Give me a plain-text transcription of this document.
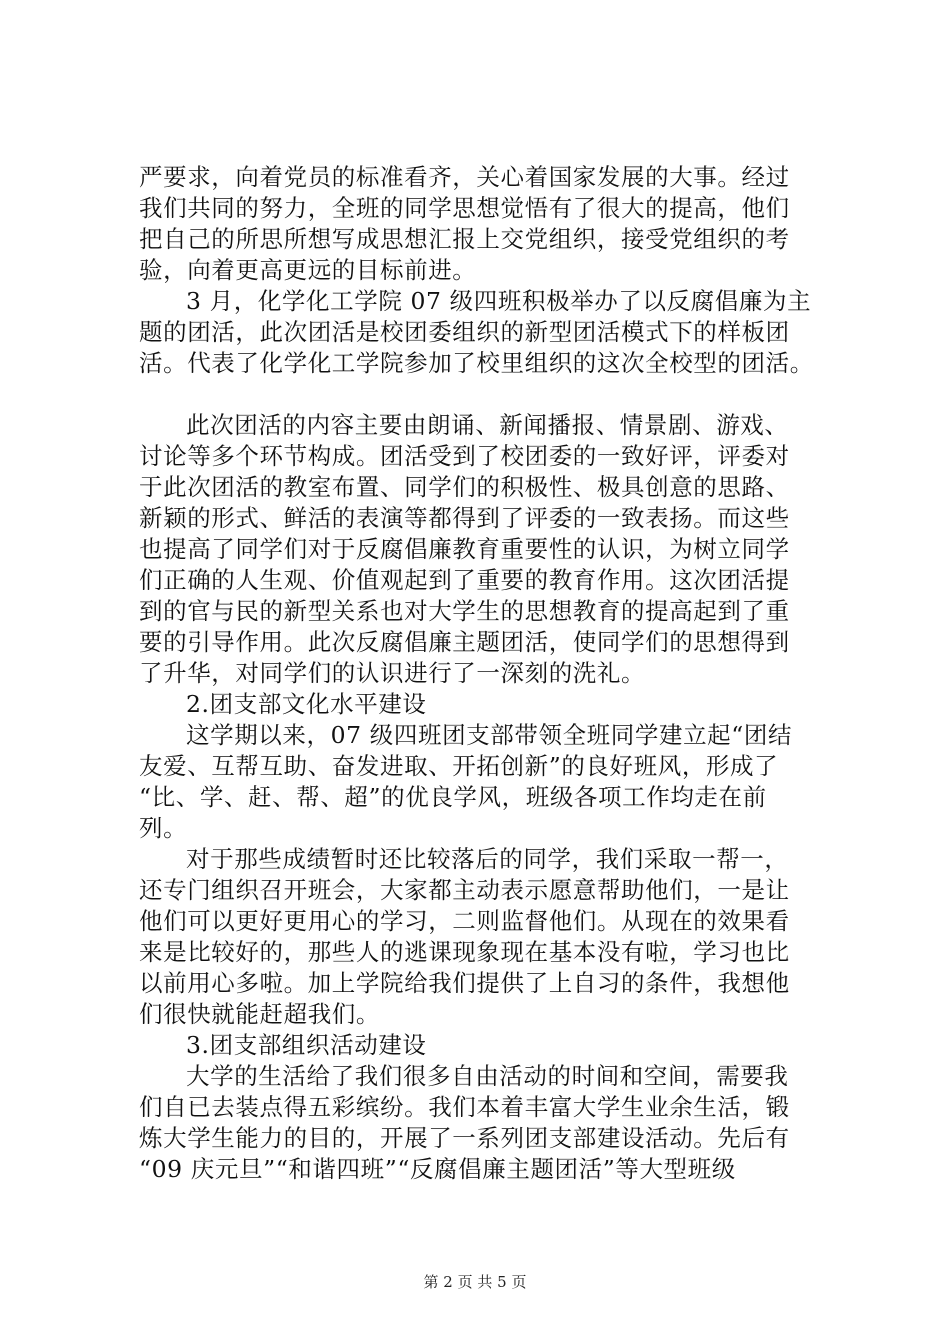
严要求，向着党员的标准看齐，关心着国家发展的大事。经过
我们共同的努力，全班的同学思想觉悟有了很大的提高，他们
把自己的所思所想写成思想汇报上交党组织，接受党组织的考
验，向着更高更远的目标前进。
3 月，化学化工学院 07 级四班积极举办了以反腐倡廉为主
题的团活，此次团活是校团委组织的新型团活模式下的样板团
活。代表了化学化工学院参加了校里组织的这次全校型的团活。
此次团活的内容主要由朗诵、新闻播报、情景剧、游戏、
讨论等多个环节构成。团活受到了校团委的一致好评，评委对
于此次团活的教室布置、同学们的积极性、极具创意的思路、
新颖的形式、鲜活的表演等都得到了评委的一致表扬。而这些
也提高了同学们对于反腐倡廉教育重要性的认识，为树立同学
们正确的人生观、价值观起到了重要的教育作用。这次团活提
到的官与民的新型关系也对大学生的思想教育的提高起到了重
要的引导作用。此次反腐倡廉主题团活，使同学们的思想得到
了升华，对同学们的认识进行了一深刻的洗礼。
2.团支部文化水平建设
这学期以来，07 级四班团支部带领全班同学建立起“团结
友爱、互帮互助、奋发进取、开拓创新”的良好班风，形成了
“比、学、赶、帮、超”的优良学风，班级各项工作均走在前
列。
对于那些成绩暂时还比较落后的同学，我们采取一帮一，
还专门组织召开班会，大家都主动表示愿意帮助他们，一是让
他们可以更好更用心的学习，二则监督他们。从现在的效果看
来是比较好的，那些人的逃课现象现在基本没有啦，学习也比
以前用心多啦。加上学院给我们提供了上自习的条件，我想他
们很快就能赶超我们。
3.团支部组织活动建设
大学的生活给了我们很多自由活动的时间和空间，需要我
们自已去装点得五彩缤纷。我们本着丰富大学生业余生活，锻
炼大学生能力的目的，开展了一系列团支部建设活动。先后有
“09 庆元旦”“和谐四班”“反腐倡廉主题团活”等大型班级
第 2 页 共 5 页
